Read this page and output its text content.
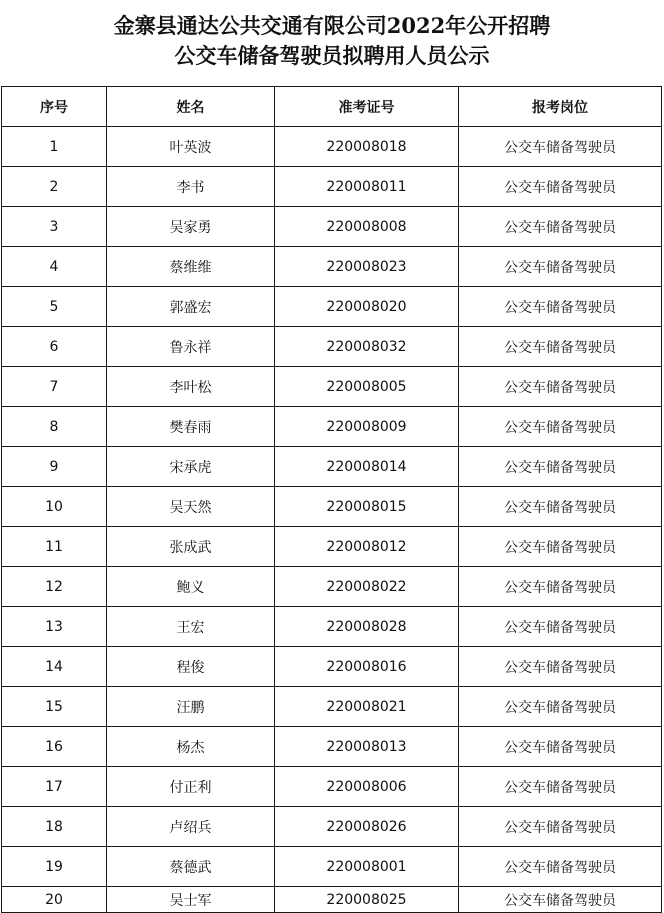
金寨县通达公共交通有限公司2022年公开招聘
公交车储备驾驶员拟聘用人员公示
序号	姓名	准考证号	报考岗位
1	叶英波	220008018	公交车储备驾驶员
2	李书	220008011	公交车储备驾驶员
3	吴家勇	220008008	公交车储备驾驶员
4	蔡维维	220008023	公交车储备驾驶员
5	郭盛宏	220008020	公交车储备驾驶员
6	鲁永祥	220008032	公交车储备驾驶员
7	李叶松	220008005	公交车储备驾驶员
8	樊春雨	220008009	公交车储备驾驶员
9	宋承虎	220008014	公交车储备驾驶员
10	吴天然	220008015	公交车储备驾驶员
11	张成武	220008012	公交车储备驾驶员
12	鲍义	220008022	公交车储备驾驶员
13	王宏	220008028	公交车储备驾驶员
14	程俊	220008016	公交车储备驾驶员
15	汪鹏	220008021	公交车储备驾驶员
16	杨杰	220008013	公交车储备驾驶员
17	付正利	220008006	公交车储备驾驶员
18	卢绍兵	220008026	公交车储备驾驶员
19	蔡德武	220008001	公交车储备驾驶员
20	吴士军	220008025	公交车储备驾驶员
